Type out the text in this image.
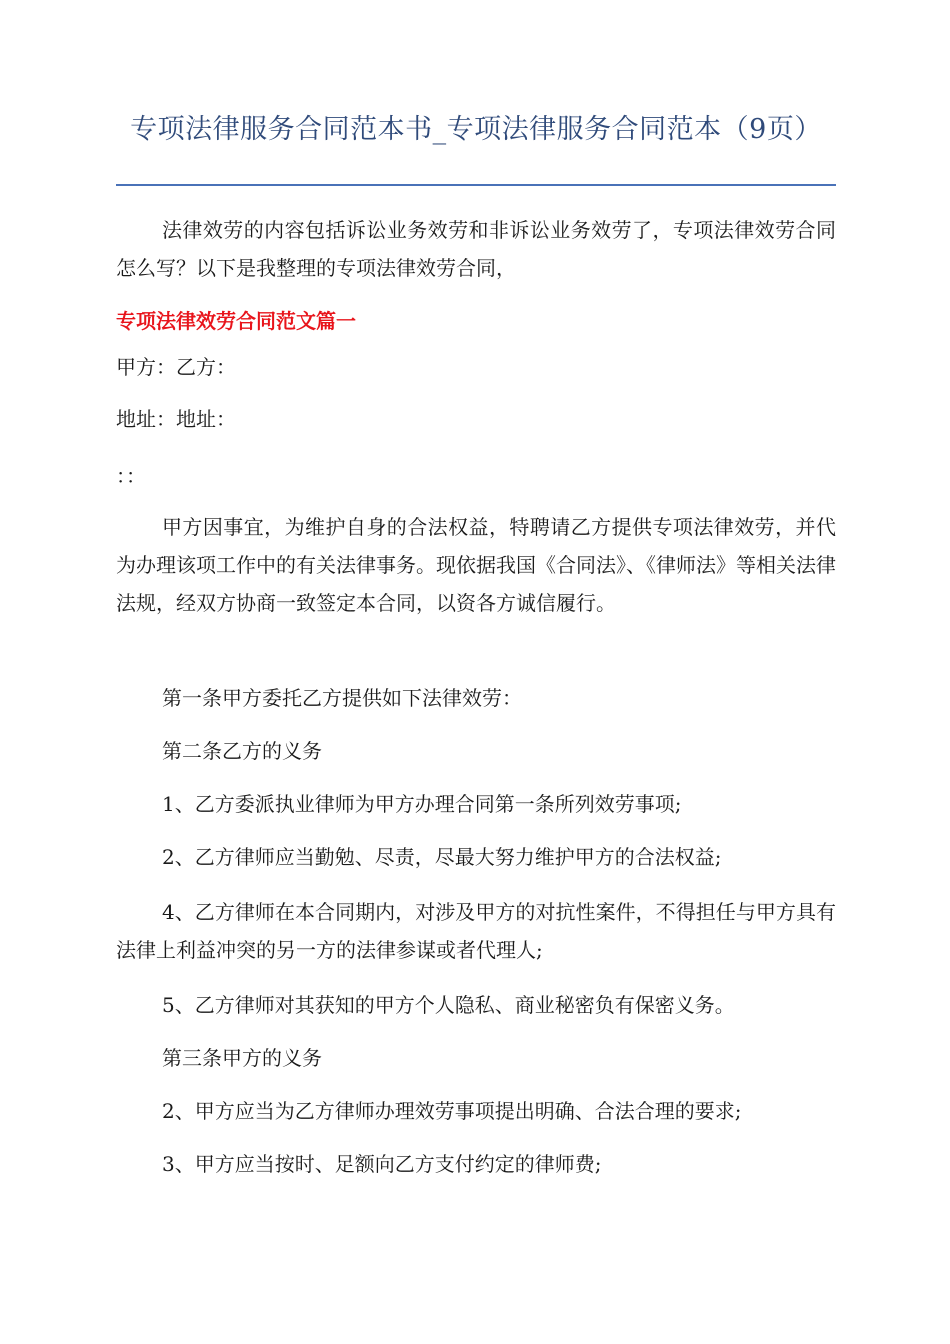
专项法律服务合同范本书_专项法律服务合同范本（9页）

法律效劳的内容包括诉讼业务效劳和非诉讼业务效劳了，专项法律效劳合同怎么写？以下是我整理的专项法律效劳合同，

专项法律效劳合同范文篇一

甲方：乙方：

地址：地址：

：：

甲方因事宜，为维护自身的合法权益，特聘请乙方提供专项法律效劳，并代为办理该项工作中的有关法律事务。现依据我国《合同法》、《律师法》等相关法律法规，经双方协商一致签定本合同，以资各方诚信履行。

第一条甲方委托乙方提供如下法律效劳：

第二条乙方的义务

1、乙方委派执业律师为甲方办理合同第一条所列效劳事项;

2、乙方律师应当勤勉、尽责，尽最大努力维护甲方的合法权益;

4、乙方律师在本合同期内，对涉及甲方的对抗性案件，不得担任与甲方具有法律上利益冲突的另一方的法律参谋或者代理人;

5、乙方律师对其获知的甲方个人隐私、商业秘密负有保密义务。

第三条甲方的义务

2、甲方应当为乙方律师办理效劳事项提出明确、合法合理的要求;

3、甲方应当按时、足额向乙方支付约定的律师费;
